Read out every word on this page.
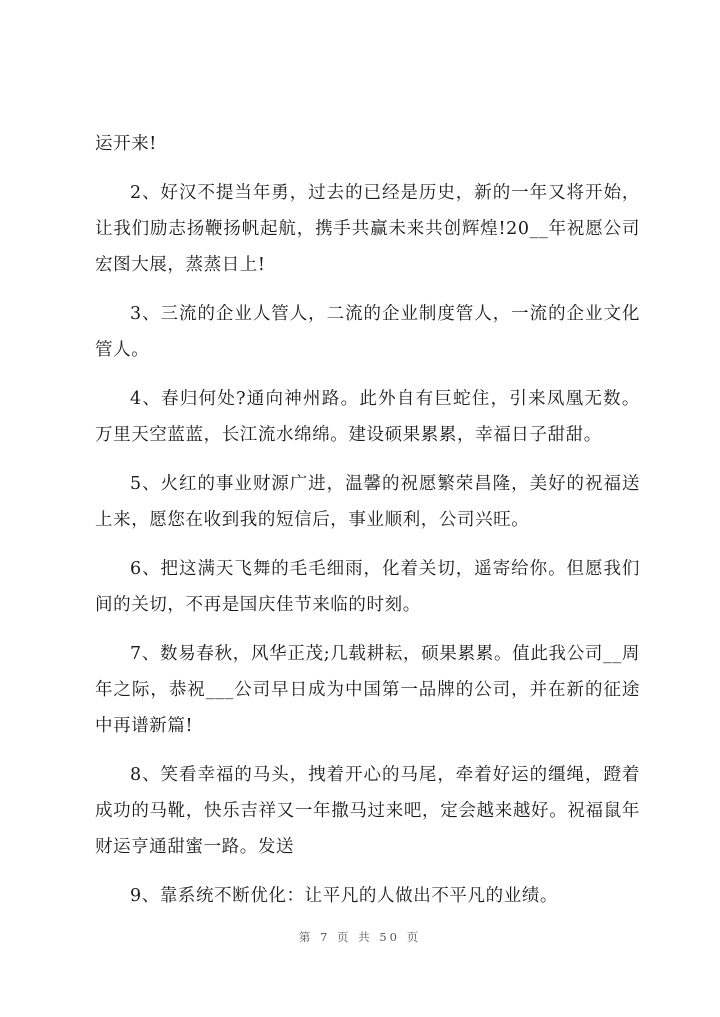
运开来!

2、好汉不提当年勇，过去的已经是历史，新的一年又将开始，让我们励志扬鞭扬帆起航，携手共赢未来共创辉煌!20__年祝愿公司宏图大展，蒸蒸日上!

3、三流的企业人管人，二流的企业制度管人，一流的企业文化管人。

4、春归何处?通向神州路。此外自有巨蛇住，引来凤凰无数。万里天空蓝蓝，长江流水绵绵。建设硕果累累，幸福日子甜甜。

5、火红的事业财源广进，温馨的祝愿繁荣昌隆，美好的祝福送上来，愿您在收到我的短信后，事业顺利，公司兴旺。

6、把这满天飞舞的毛毛细雨，化着关切，遥寄给你。但愿我们间的关切，不再是国庆佳节来临的时刻。

7、数易春秋，风华正茂;几载耕耘，硕果累累。值此我公司__周年之际，恭祝___公司早日成为中国第一品牌的公司，并在新的征途中再谱新篇!

8、笑看幸福的马头，拽着开心的马尾，牵着好运的缰绳，蹬着成功的马靴，快乐吉祥又一年撒马过来吧，定会越来越好。祝福鼠年财运亨通甜蜜一路。发送

9、靠系统不断优化：让平凡的人做出不平凡的业绩。

第 7 页 共 50 页
